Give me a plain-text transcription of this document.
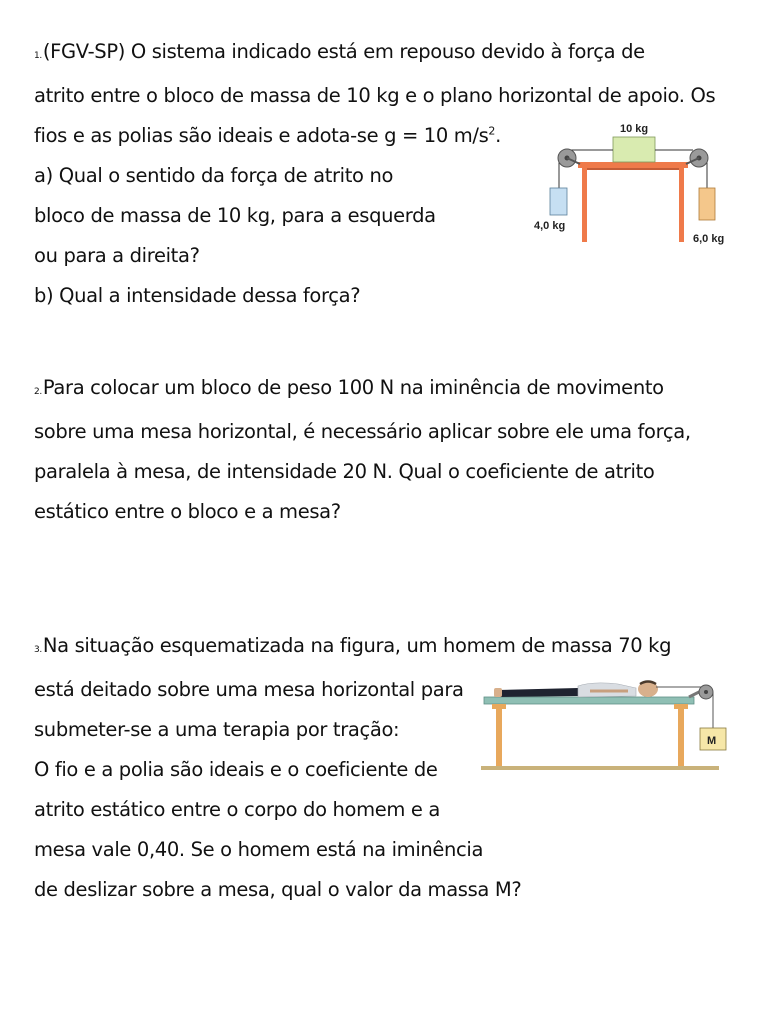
1.(FGV-SP) O sistema indicado está em repouso devido à força de
atrito entre o bloco de massa de 10 kg e o plano horizontal de apoio. Os
fios e as polias são ideais e adota-se g = 10 $m/s^2$.
a) Qual o sentido da força de atrito no
bloco de massa de 10 kg, para a esquerda
ou para a direita?
b) Qual a intensidade dessa força?
10 kg
4,0 kg
6,0 kg
2.Para colocar um bloco de peso 100 N na iminência de movimento
sobre uma mesa horizontal, é necessário aplicar sobre ele uma força,
paralela à mesa, de intensidade 20 N. Qual o coeficiente de atrito
estático entre o bloco e a mesa?
3.Na situação esquematizada na figura, um homem de massa 70 kg
está deitado sobre uma mesa horizontal para
submeter-se a uma terapia por tração:
O fio e a polia são ideais e o coeficiente de
atrito estático entre o corpo do homem e a
mesa vale 0,40. Se o homem está na iminência
de deslizar sobre a mesa, qual o valor da massa M?
M
